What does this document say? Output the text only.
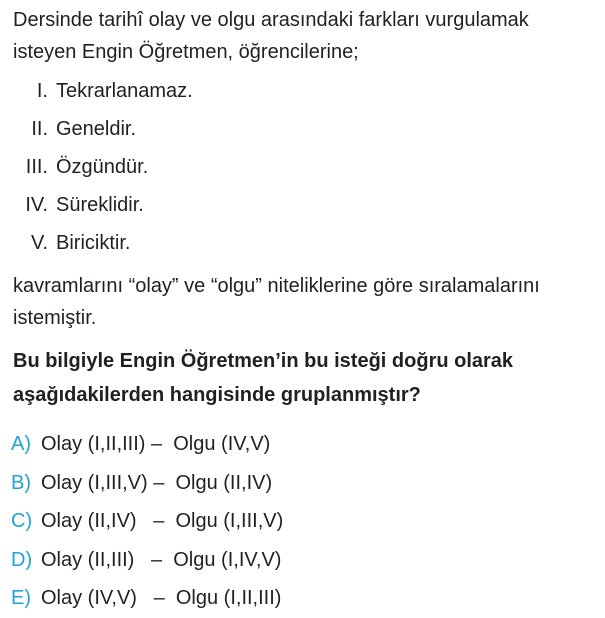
Dersinde tarihî olay ve olgu arasındaki farkları vurgulamak
isteyen Engin Öğretmen, öğrencilerine;

I. Tekrarlanamaz.
II. Geneldir.
III. Özgündür.
IV. Süreklidir.
V. Biriciktir.

kavramlarını “olay” ve “olgu” niteliklerine göre sıralamalarını
istemiştir.

Bu bilgiyle Engin Öğretmen’in bu isteği doğru olarak
aşağıdakilerden hangisinde gruplanmıştır?

A) Olay (I,II,III) –  Olgu (IV,V)
B) Olay (I,III,V) –  Olgu (II,IV)
C) Olay (II,IV)   –  Olgu (I,III,V)
D) Olay (II,III)   –  Olgu (I,IV,V)
E) Olay (IV,V)   –  Olgu (I,II,III)
